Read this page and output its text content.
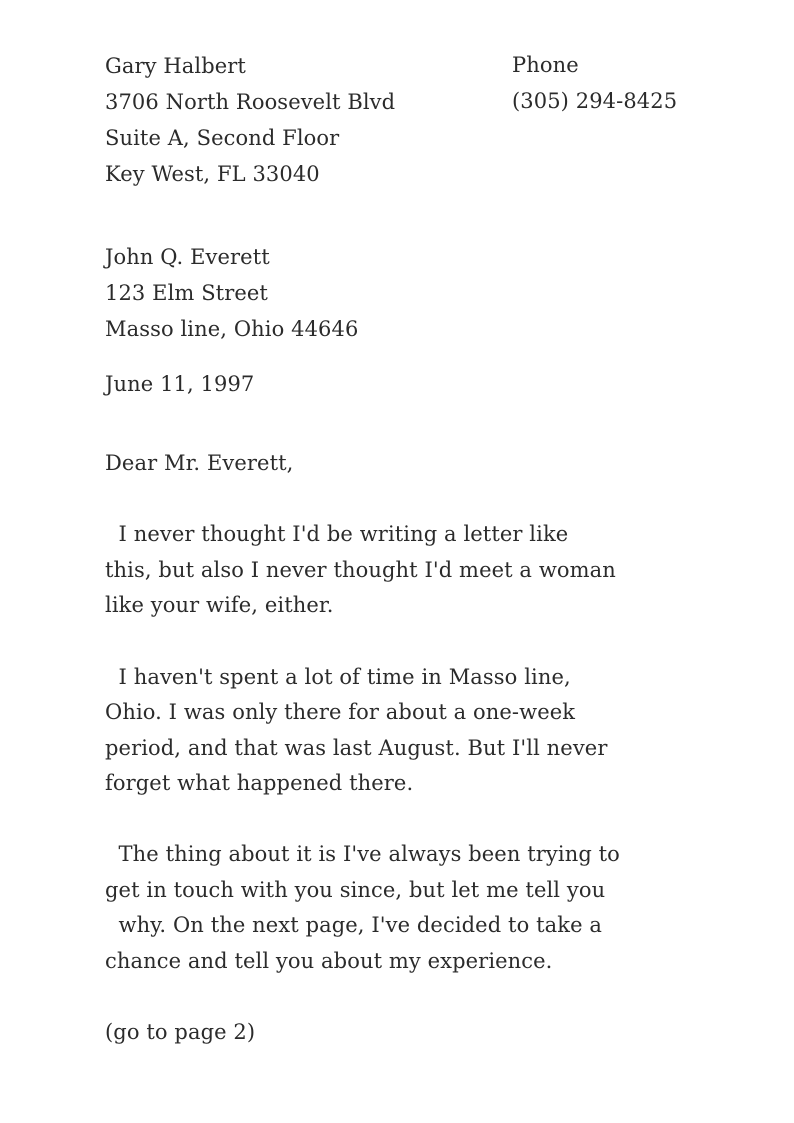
Gary Halbert
3706 North Roosevelt Blvd
Suite A, Second Floor
Key West, FL 33040
Phone
(305) 294-8425
John Q. Everett
123 Elm Street
Masso line, Ohio 44646
June 11, 1997
Dear Mr. Everett,
I never thought I'd be writing a letter like
this, but also I never thought I'd meet a woman
like your wife, either.
I haven't spent a lot of time in Masso line,
Ohio. I was only there for about a one-week
period, and that was last August. But I'll never
forget what happened there.
The thing about it is I've always been trying to
get in touch with you since, but let me tell you
why. On the next page, I've decided to take a
chance and tell you about my experience.
(go to page 2)
